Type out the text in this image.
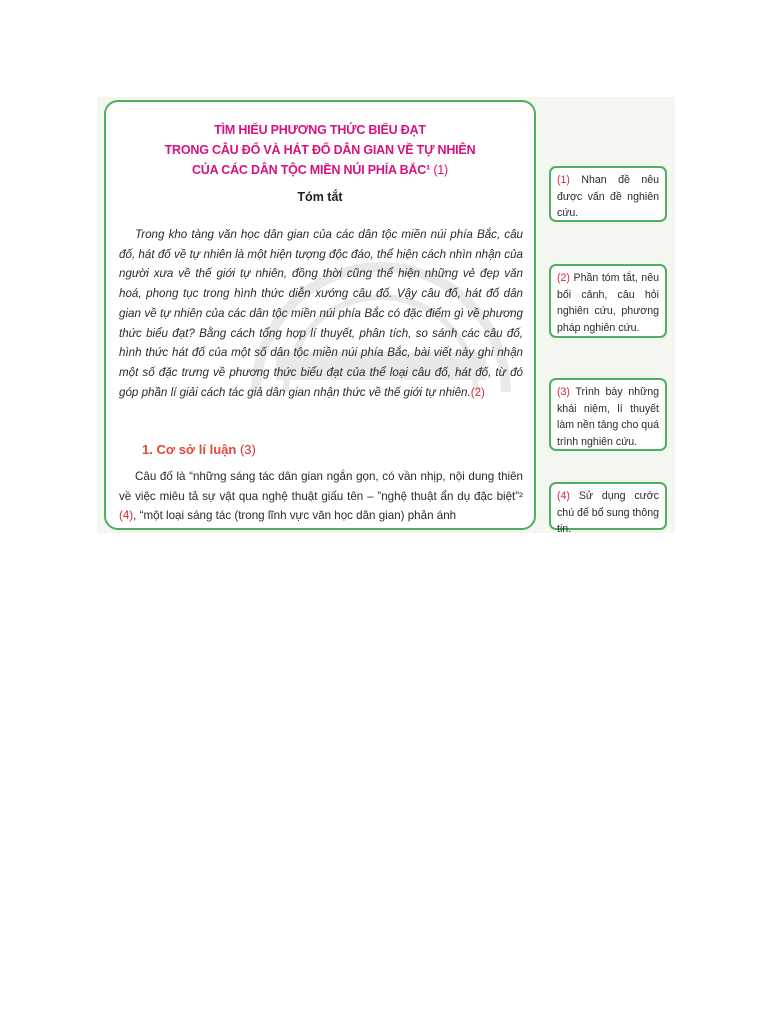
TÌM HIỂU PHƯƠNG THỨC BIỂU ĐẠT
TRONG CÂU ĐỐ VÀ HÁT ĐỐ DÂN GIAN VỀ TỰ NHIÊN
CỦA CÁC DÂN TỘC MIỀN NÚI PHÍA BẮC¹ (1)
Tóm tắt
Trong kho tàng văn học dân gian của các dân tộc miền núi phía Bắc, câu đố, hát đố về tự nhiên là một hiện tượng độc đáo, thể hiện cách nhìn nhận của người xưa về thế giới tự nhiên, đồng thời cũng thể hiện những vẻ đẹp văn hoá, phong tục trong hình thức diễn xướng câu đố. Vậy câu đố, hát đố dân gian về tự nhiên của các dân tộc miền núi phía Bắc có đặc điểm gì về phương thức biểu đạt? Bằng cách tổng hợp lí thuyết, phân tích, so sánh các câu đố, hình thức hát đố của một số dân tộc miền núi phía Bắc, bài viết này ghi nhận một số đặc trưng về phương thức biểu đạt của thể loại câu đố, hát đố, từ đó góp phần lí giải cách tác giả dân gian nhận thức về thế giới tự nhiên.(2)
1. Cơ sở lí luận (3)
Câu đố là “những sáng tác dân gian ngắn gọn, có vần nhịp, nội dung thiên về việc miêu tả sự vật qua nghệ thuật giấu tên – ”nghệ thuật ẩn dụ đặc biệt”² (4), “một loại sáng tác (trong lĩnh vực văn học dân gian) phản ánh
(1) Nhan đề nêu được vấn đề nghiên cứu.
(2) Phần tóm tắt, nêu bối cảnh, câu hỏi nghiên cứu, phương pháp nghiên cứu.
(3) Trình bày những khái niệm, lí thuyết làm nền tảng cho quá trình nghiên cứu.
(4) Sử dụng cước chú để bổ sung thông tin.
